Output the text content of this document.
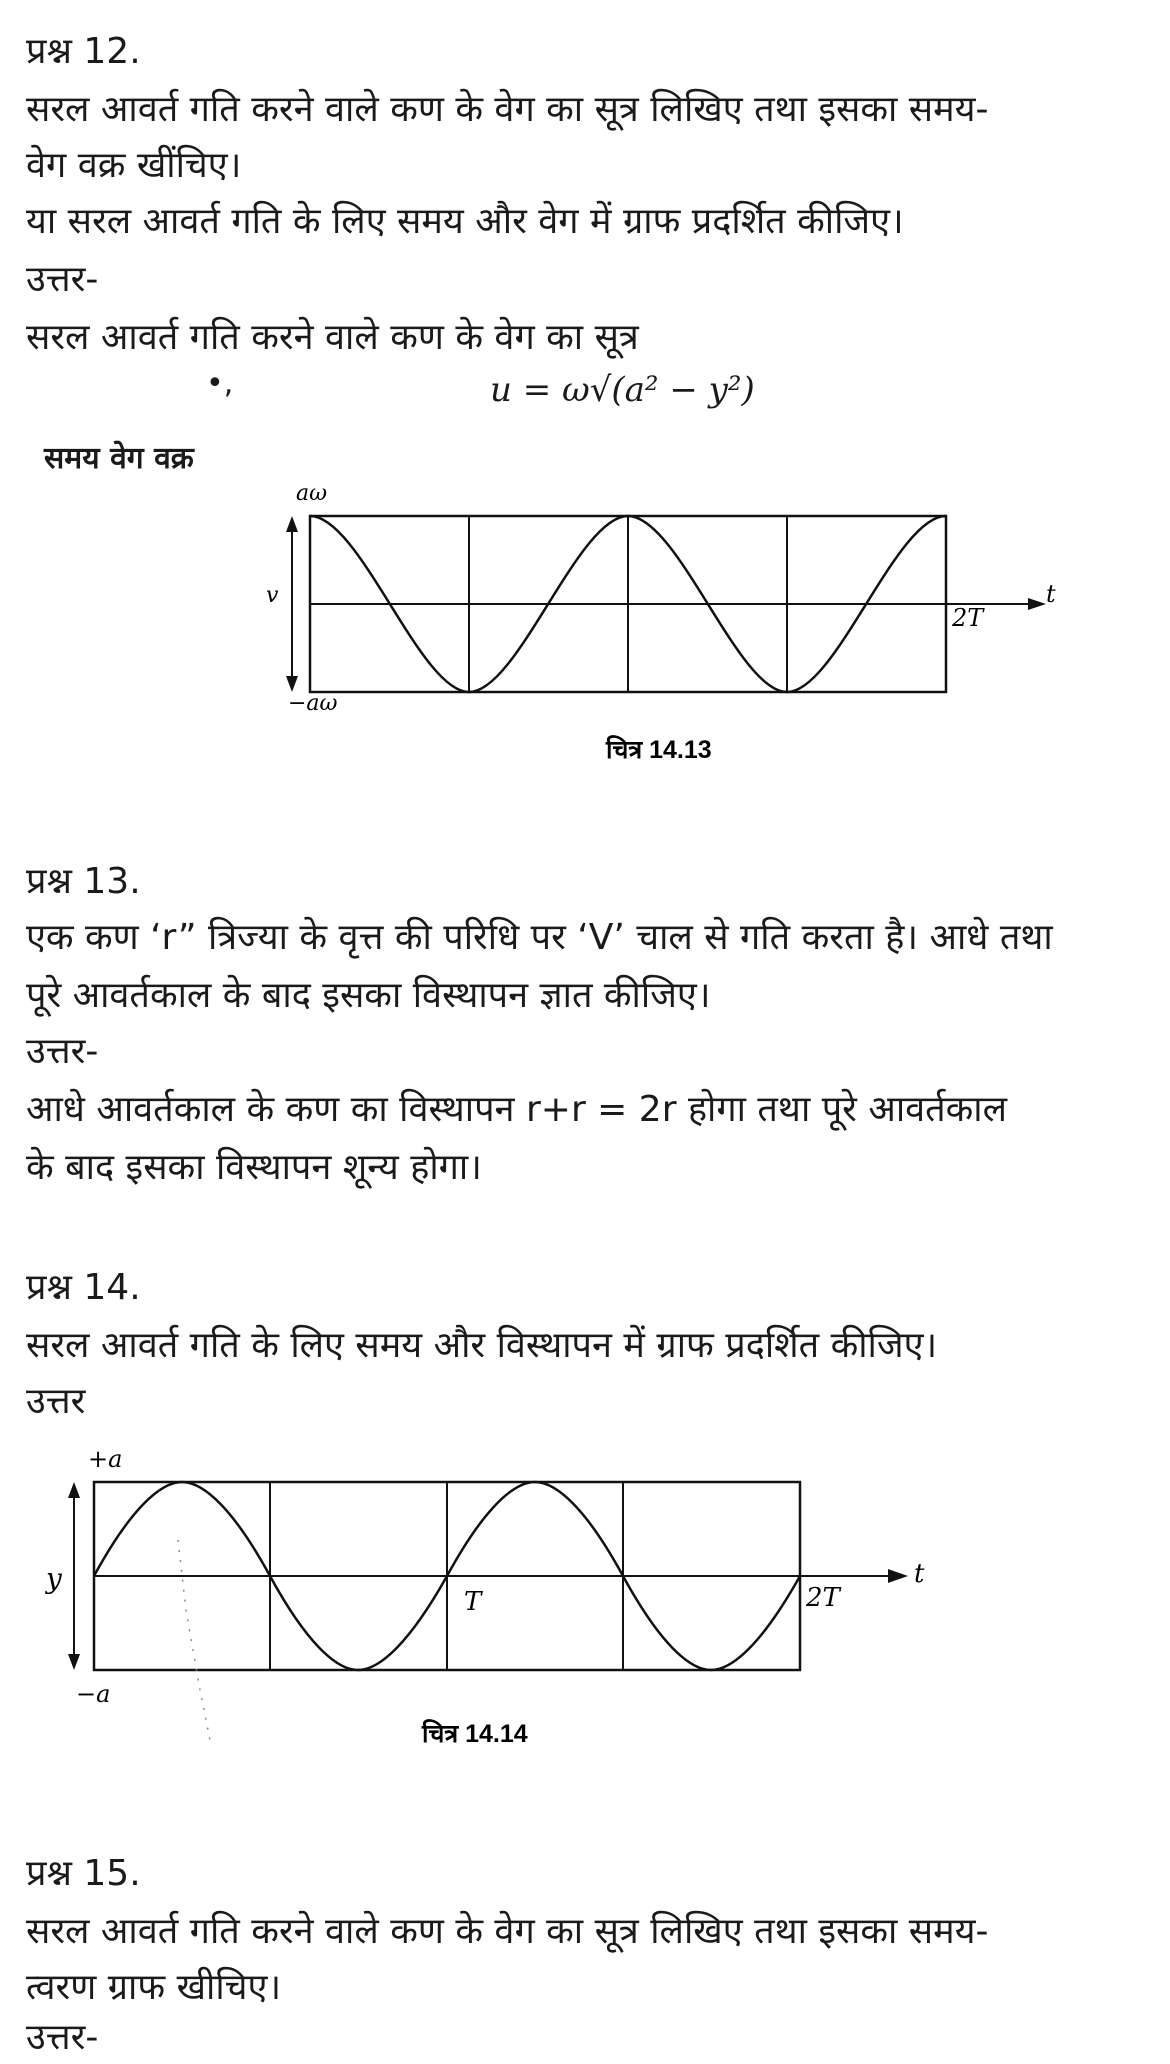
प्रश्न 12.

सरल आवर्त गति करने वाले कण के वेग का सूत्र लिखिए तथा इसका समय-

वेग वक्र खींचिए।

या सरल आवर्त गति के लिए समय और वेग में ग्राफ प्रदर्शित कीजिए।

उत्तर-

सरल आवर्त गति करने वाले कण के वेग का सूत्र

•,	u = ω√(a² − y²)
समय वेग वक्र
aω
−aω
v	t
2T
चित्र 14.13

प्रश्न 13.

एक कण ‘r” त्रिज्या के वृत्त की परिधि पर ‘V’ चाल से गति करता है। आधे तथा

पूरे आवर्तकाल के बाद इसका विस्थापन ज्ञात कीजिए।

उत्तर-

आधे आवर्तकाल के कण का विस्थापन r+r = 2r होगा तथा पूरे आवर्तकाल

के बाद इसका विस्थापन शून्य होगा।

प्रश्न 14.

सरल आवर्त गति के लिए समय और विस्थापन में ग्राफ प्रदर्शित कीजिए।

उत्तर

+a
−a
y	t
T	2T
चित्र 14.14

प्रश्न 15.

सरल आवर्त गति करने वाले कण के वेग का सूत्र लिखिए तथा इसका समय-

त्वरण ग्राफ खीचिए।

उत्तर-
